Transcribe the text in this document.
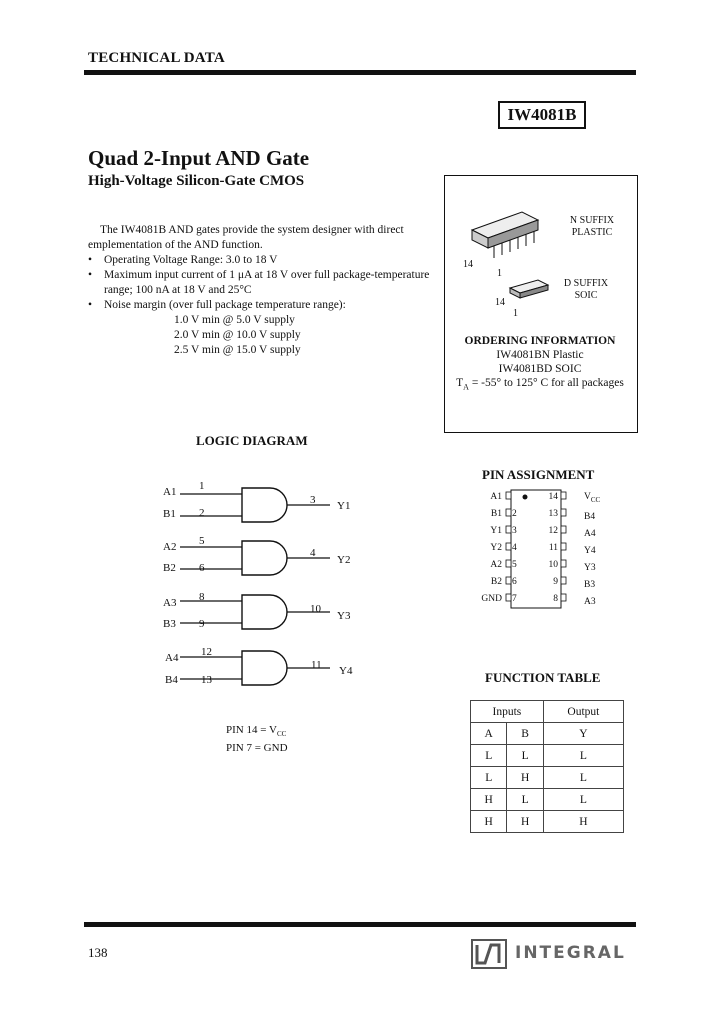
TECHNICAL DATA
IW4081B
Quad 2-Input AND Gate
High-Voltage Silicon-Gate CMOS

The IW4081B AND gates provide the system designer with direct emplementation of the AND function.

• Operating Voltage Range: 3.0 to 18 V
• Maximum input current of 1 μA at 18 V over full package-temperature range; 100 nA at 18 V and 25°C
• Noise margin (over full package temperature range):
1.0 V min @ 5.0 V supply
2.0 V min @ 10.0 V supply
2.5 V min @ 15.0 V supply
14
1
14
1
N SUFFIX
PLASTIC
D SUFFIX
SOIC
ORDERING INFORMATION
IW4081BN Plastic
IW4081BD SOIC
$T_A = -55^\circ$ to 125° C for all packages
LOGIC DIAGRAM
A1 1
B1 2
3 Y1
A2 5
B2 6
4
Y2
A3 8
B3 9
10
Y3
A4 12
B4 13
11 Y4
PIN $14 = V_{CC}$
PIN 7 = GND
PIN ASSIGNMENT
A1
B1
Y1
Y2
A2
B2
GND
2
3
4
5
6
7
14
13
12
11
10
9
8
$V_{CC}$
B4
A4
Y4
Y3
B3
A3
FUNCTION TABLE
Inputs		Output
A	B	Y
L	L	L
L	H	L
H	L	L
H	H	H
138	INTEGRAL
